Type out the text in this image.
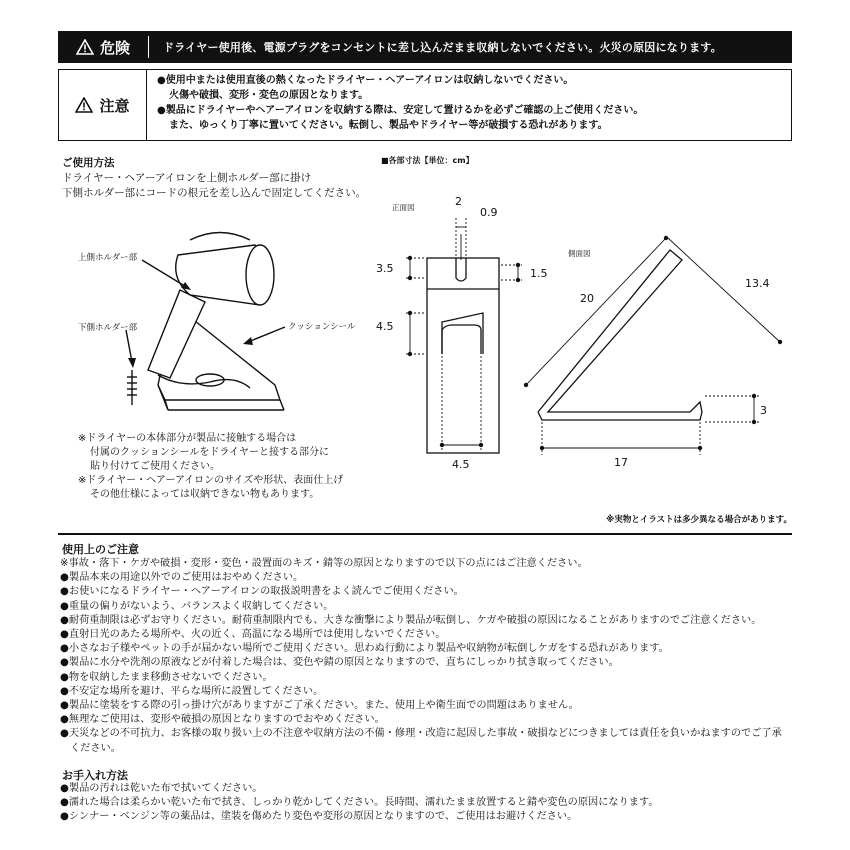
危険	ドライヤー使用後、電源プラグをコンセントに差し込んだまま収納しないでください。火災の原因になります。
注意
●使用中または使用直後の熱くなったドライヤー・ヘアーアイロンは収納しないでください。
火傷や破損、変形・変色の原因となります。
●製品にドライヤーやヘアーアイロンを収納する際は、安定して置けるかを必ずご確認の上ご使用ください。
また、ゆっくり丁寧に置いてください。転倒し、製品やドライヤー等が破損する恐れがあります。
ご使用方法
ドライヤー・ヘアーアイロンを上側ホルダー部に掛け
下側ホルダー部にコードの根元を差し込んで固定してください。
上側ホルダー部
下側ホルダー部	クッションシール
※ドライヤーの本体部分が製品に接触する場合は
付属のクッションシールをドライヤーと接する部分に
貼り付けてご使用ください。
※ドライヤー・ヘアーアイロンのサイズや形状、表面仕上げ
その他仕様によっては収納できない物もあります。
■各部寸法【単位：cm】
正面図
側面図
2
0.9
3.5	1.5
4.5
4.5
20
13.4
3
17
※実物とイラストは多少異なる場合があります。
使用上のご注意
※事故・落下・ケガや破損・変形・変色・設置面のキズ・錆等の原因となりますので以下の点にはご注意ください。
●製品本来の用途以外でのご使用はおやめください。
●お使いになるドライヤー・ヘアーアイロンの取扱説明書をよく読んでご使用ください。
●重量の偏りがないよう、バランスよく収納してください。
●耐荷重制限は必ずお守りください。耐荷重制限内でも、大きな衝撃により製品が転倒し、ケガや破損の原因になることがありますのでご注意ください。
●直射日光のあたる場所や、火の近く、高温になる場所では使用しないでください。
●小さなお子様やペットの手が届かない場所でご使用ください。思わぬ行動により製品や収納物が転倒しケガをする恐れがあります。
●製品に水分や洗剤の原液などが付着した場合は、変色や錆の原因となりますので、直ちにしっかり拭き取ってください。
●物を収納したまま移動させないでください。
●不安定な場所を避け、平らな場所に設置してください。
●製品に塗装をする際の引っ掛け穴がありますがご了承ください。また、使用上や衛生面での問題はありません。
●無理なご使用は、変形や破損の原因となりますのでおやめください。
●天災などの不可抗力、お客様の取り扱い上の不注意や収納方法の不備・修理・改造に起因した事故・破損などにつきましては責任を負いかねますのでご了承
ください。
お手入れ方法
●製品の汚れは乾いた布で拭いてください。
●濡れた場合は柔らかい乾いた布で拭き、しっかり乾かしてください。長時間、濡れたまま放置すると錆や変色の原因になります。
●シンナー・ベンジン等の薬品は、塗装を傷めたり変色や変形の原因となりますので、ご使用はお避けください。
